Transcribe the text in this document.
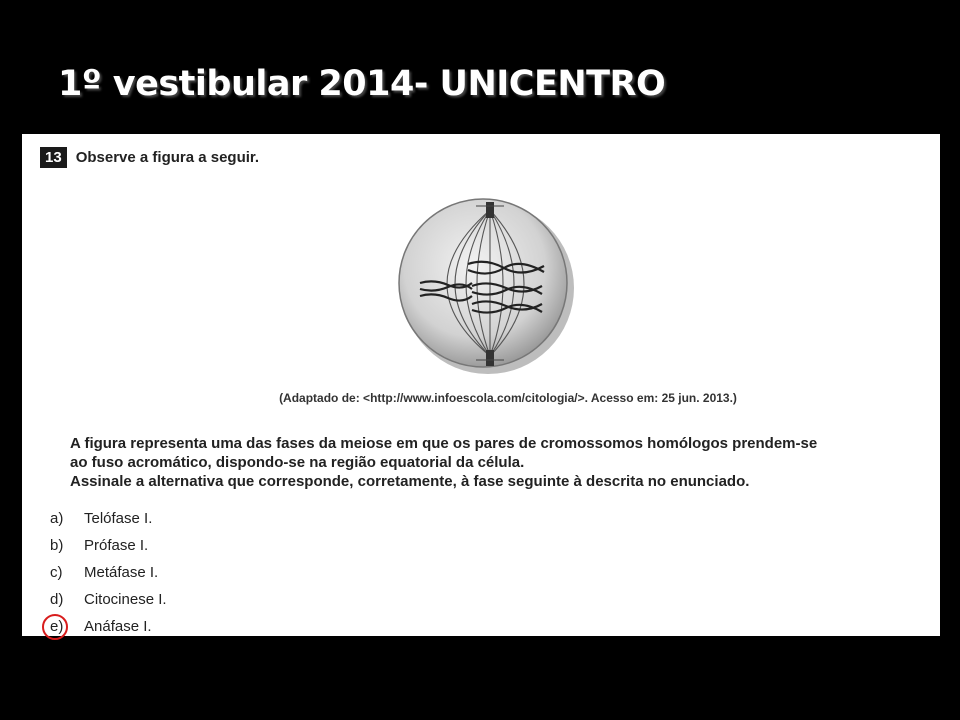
1º vestibular 2014- UNICENTRO
13 Observe a figura a seguir.
(Adaptado de: <http://www.infoescola.com/citologia/>. Acesso em: 25 jun. 2013.)

A figura representa uma das fases da meiose em que os pares de cromossomos homólogos prendem-se

ao fuso acromático, dispondo-se na região equatorial da célula.

Assinale a alternativa que corresponde, corretamente, à fase seguinte à descrita no enunciado.

a)	Telófase I.
b)	Prófase I.
c)	Metáfase I.
d)	Citocinese I.
e)	Anáfase I.
